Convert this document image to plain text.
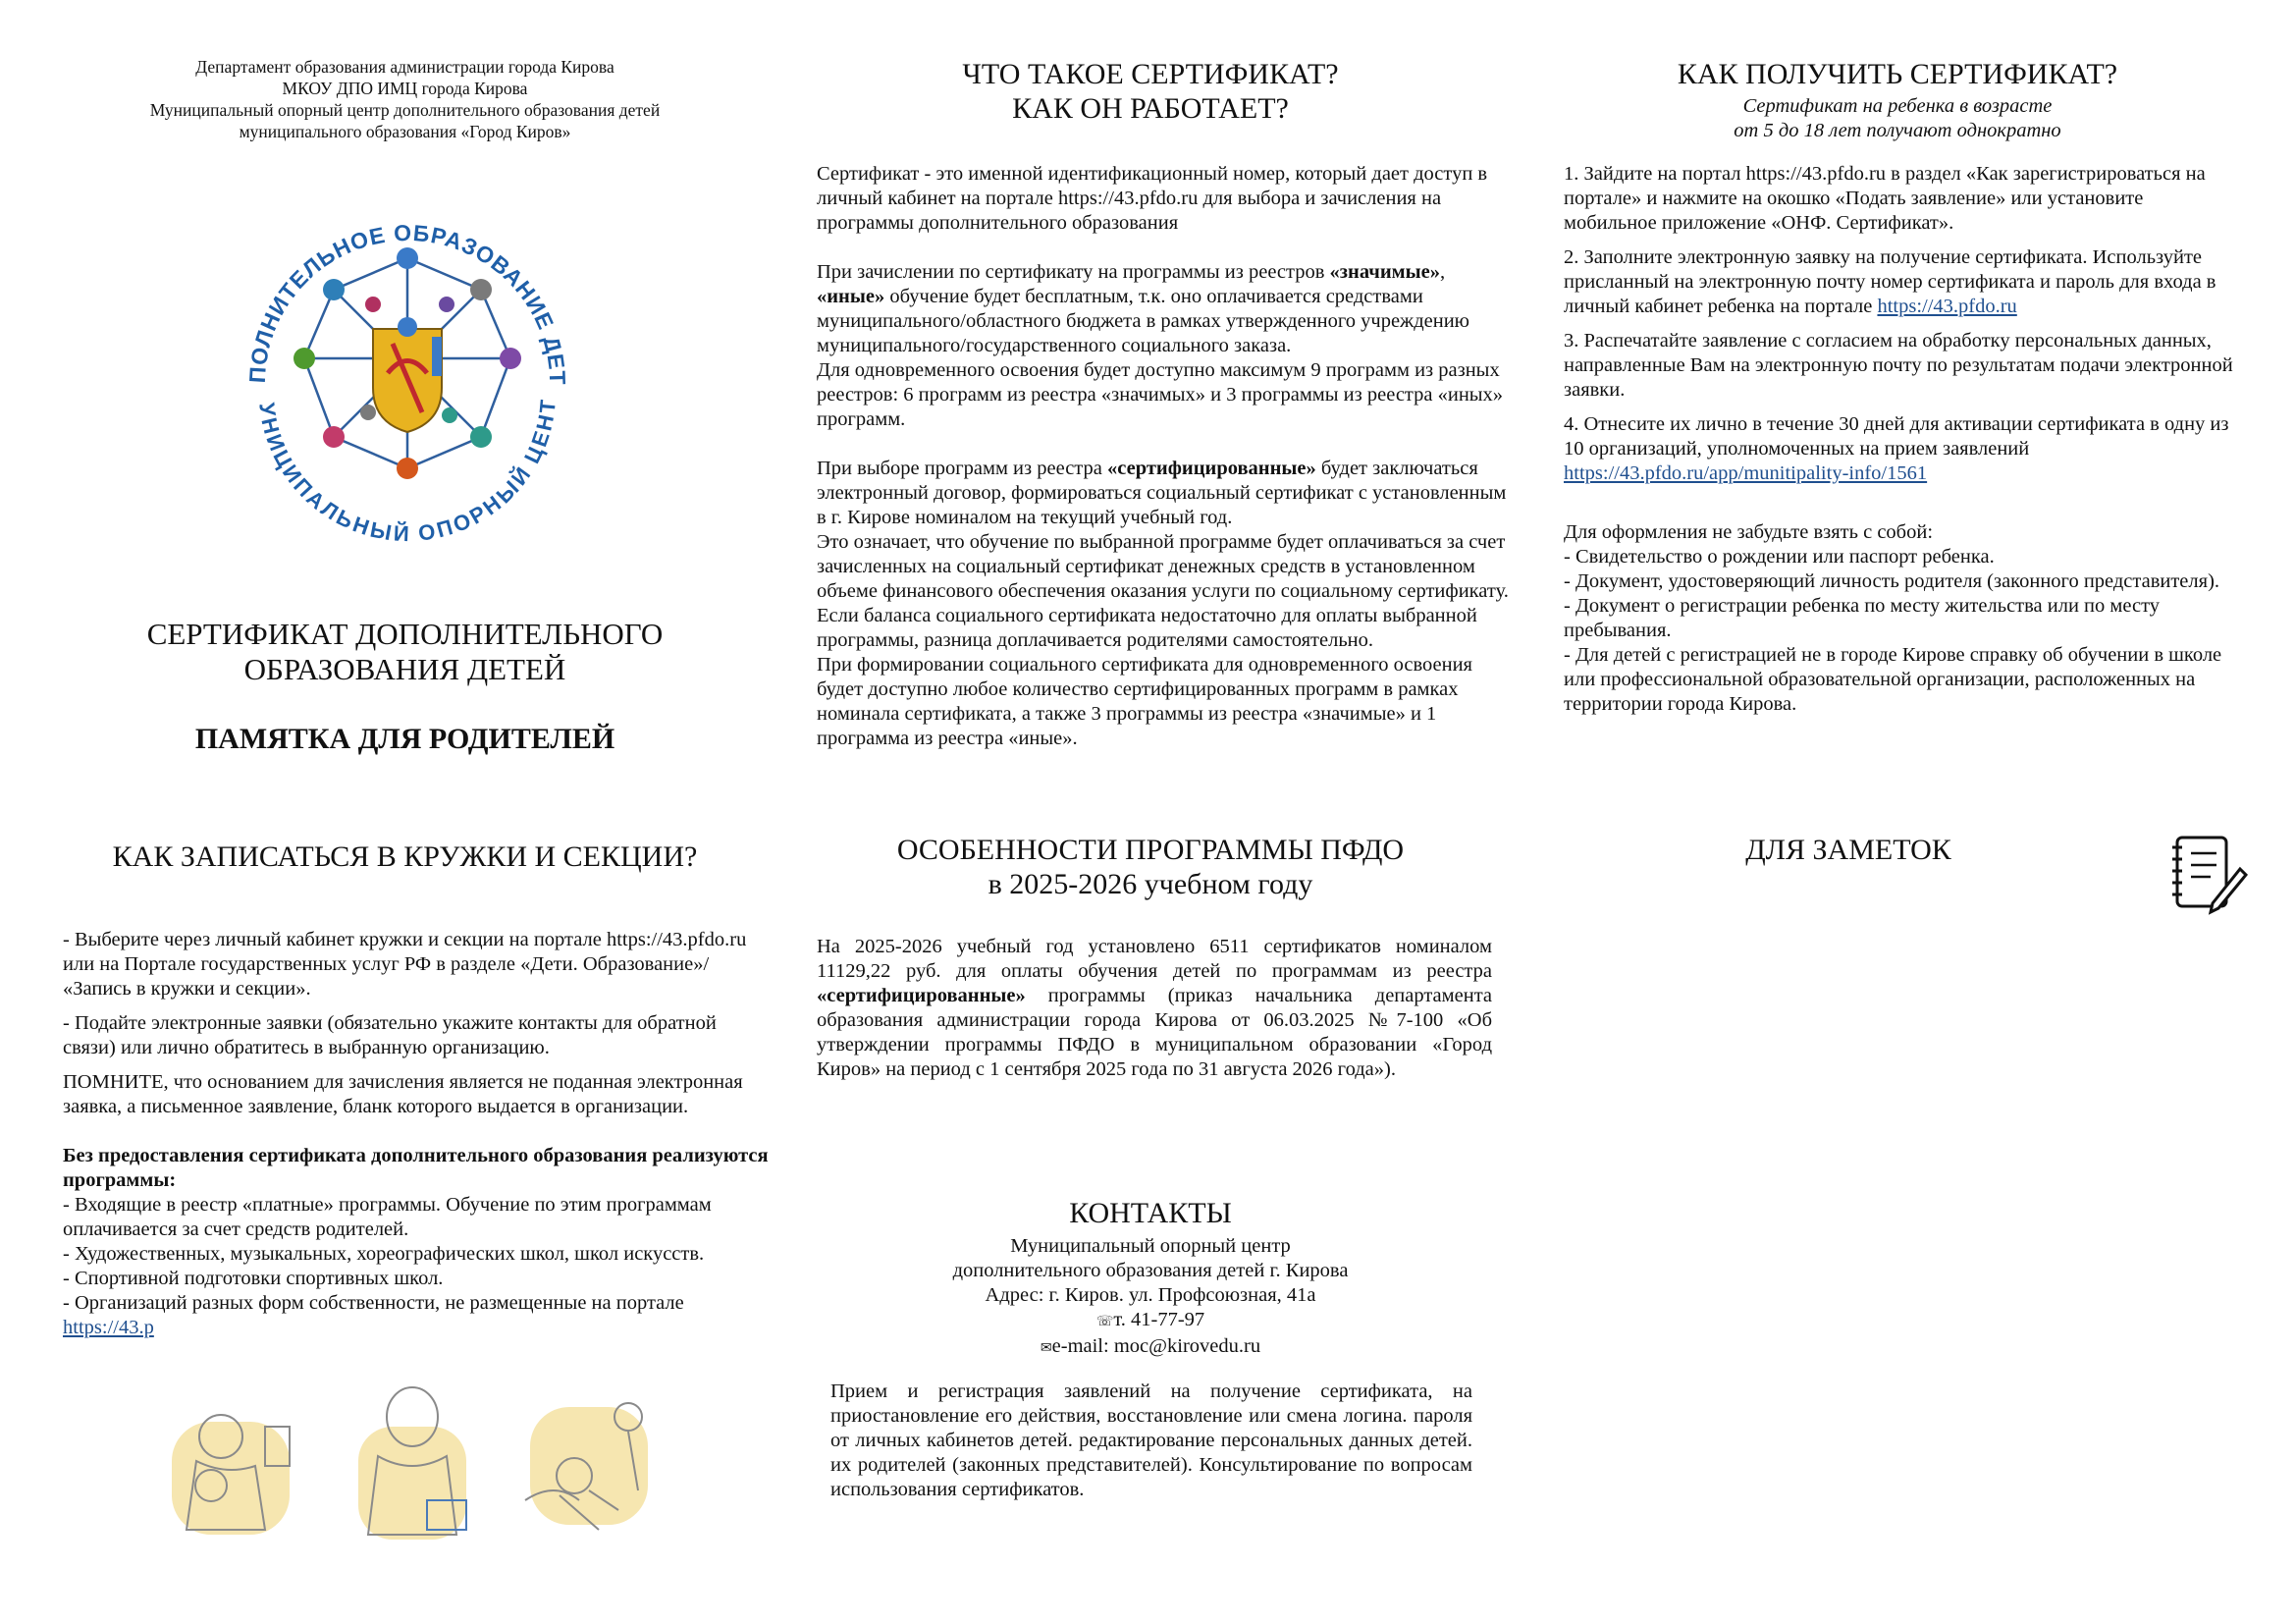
Департамент образования администрации города Кирова
МКОУ ДПО ИМЦ города Кирова
Муниципальный опорный центр дополнительного образования детей
муниципального образования «Город Киров»
ПОЛНИТЕЛЬНОЕ ОБРАЗОВАНИЕ ДЕТ
УНИЦИПАЛЬНЫЙ ОПОРНЫЙ ЦЕНТ
СЕРТИФИКАТ ДОПОЛНИТЕЛЬНОГО
ОБРАЗОВАНИЯ ДЕТЕЙ
ПАМЯТКА ДЛЯ РОДИТЕЛЕЙ
КАК ЗАПИСАТЬСЯ В КРУЖКИ И СЕКЦИИ?

- Выберите через личный кабинет кружки и секции на портале https://43.pfdo.ru или на Портале государственных услуг РФ в разделе «Дети. Образование»/ «Запись в кружки и секции».

- Подайте электронные заявки (обязательно укажите контакты для обратной связи) или лично обратитесь в выбранную организацию.

ПОМНИТЕ, что основанием для зачисления является не поданная электронная заявка, а письменное заявление, бланк которого выдается в организации.

Без предоставления сертификата дополнительного образования реализуются программы:

- Входящие в реестр «платные» программы. Обучение по этим программам оплачивается за счет средств родителей.

- Художественных, музыкальных, хореографических школ, школ искусств.

- Спортивной подготовки спортивных школ.

- Организаций разных форм собственности, не размещенные на портале

https://43.p

ЧТО ТАКОЕ СЕРТИФИКАТ?
КАК ОН РАБОТАЕТ?

Сертификат - это именной идентификационный номер, который дает доступ в личный кабинет на портале https://43.pfdo.ru для выбора и зачисления на программы дополнительного образования

При зачислении по сертификату на программы из реестров «значимые», «иные» обучение будет бесплатным, т.к. оно оплачивается средствами муниципального/областного бюджета в рамках утвержденного учреждению муниципального/государственного социального заказа.

Для одновременного освоения будет доступно максимум 9 программ из разных реестров: 6 программ из реестра «значимых» и 3 программы из реестра «иных» программ.

При выборе программ из реестра «сертифицированные» будет заключаться электронный договор, формироваться социальный сертификат с установленным в г. Кирове номиналом на текущий учебный год.

Это означает, что обучение по выбранной программе будет оплачиваться за счет зачисленных на социальный сертификат денежных средств в установленном объеме финансового обеспечения оказания услуги по социальному сертификату.

Если баланса социального сертификата недостаточно для оплаты выбранной программы, разница доплачивается родителями самостоятельно.

При формировании социального сертификата для одновременного освоения будет доступно любое количество сертифицированных программ в рамках номинала сертификата, а также 3 программы из реестра «значимые» и 1 программа из реестра «иные».

ОСОБЕННОСТИ ПРОГРАММЫ ПФДО
в 2025-2026 учебном году

На 2025-2026 учебный год установлено 6511 сертификатов номиналом 11129,22 руб. для оплаты обучения детей по программам из реестра «сертифицированные» программы (приказ начальника департамента образования администрации города Кирова от 06.03.2025 №7-100 «Об утверждении программы ПФДО в муниципальном образовании «Город Киров» на период с 1 сентября 2025 года по 31 августа 2026 года»).

КОНТАКТЫ
Муниципальный опорный центр
дополнительного образования детей г. Кирова
Адрес: г. Киров. ул. Профсоюзная, 41а
☏т. 41-77-97
✉e-mail: moc@kirovedu.ru
Прием и регистрация заявлений на получение сертификата, на приостановление его действия, восстановление или смена логина. пароля от личных кабинетов детей. редактирование персональных данных детей. их родителей (законных представителей). Консультирование по вопросам использования сертификатов.
КАК ПОЛУЧИТЬ СЕРТИФИКАТ?
Сертификат на ребенка в возрасте
от 5 до 18 лет получают однократно

1. Зайдите на портал https://43.pfdo.ru в раздел «Как зарегистрироваться на портале» и нажмите на окошко «Подать заявление» или установите мобильное приложение «ОНФ. Сертификат».

2. Заполните электронную заявку на получение сертификата. Используйте присланный на электронную почту номер сертификата и пароль для входа в личный кабинет ребенка на портале https://43.pfdo.ru

3. Распечатайте заявление с согласием на обработку персональных данных, направленные Вам на электронную почту по результатам подачи электронной заявки.

4. Отнесите их лично в течение 30 дней для активации сертификата в одну из 10 организаций, уполномоченных на прием заявлений https://43.pfdo.ru/app/munitipality-info/1561

Для оформления не забудьте взять с собой:

- Свидетельство о рождении или паспорт ребенка.

- Документ, удостоверяющий личность родителя (законного представителя).

- Документ о регистрации ребенка по месту жительства или по месту пребывания.

- Для детей с регистрацией не в городе Кирове справку об обучении в школе или профессиональной образовательной организации, расположенных на территории города Кирова.

ДЛЯ ЗАМЕТОК
